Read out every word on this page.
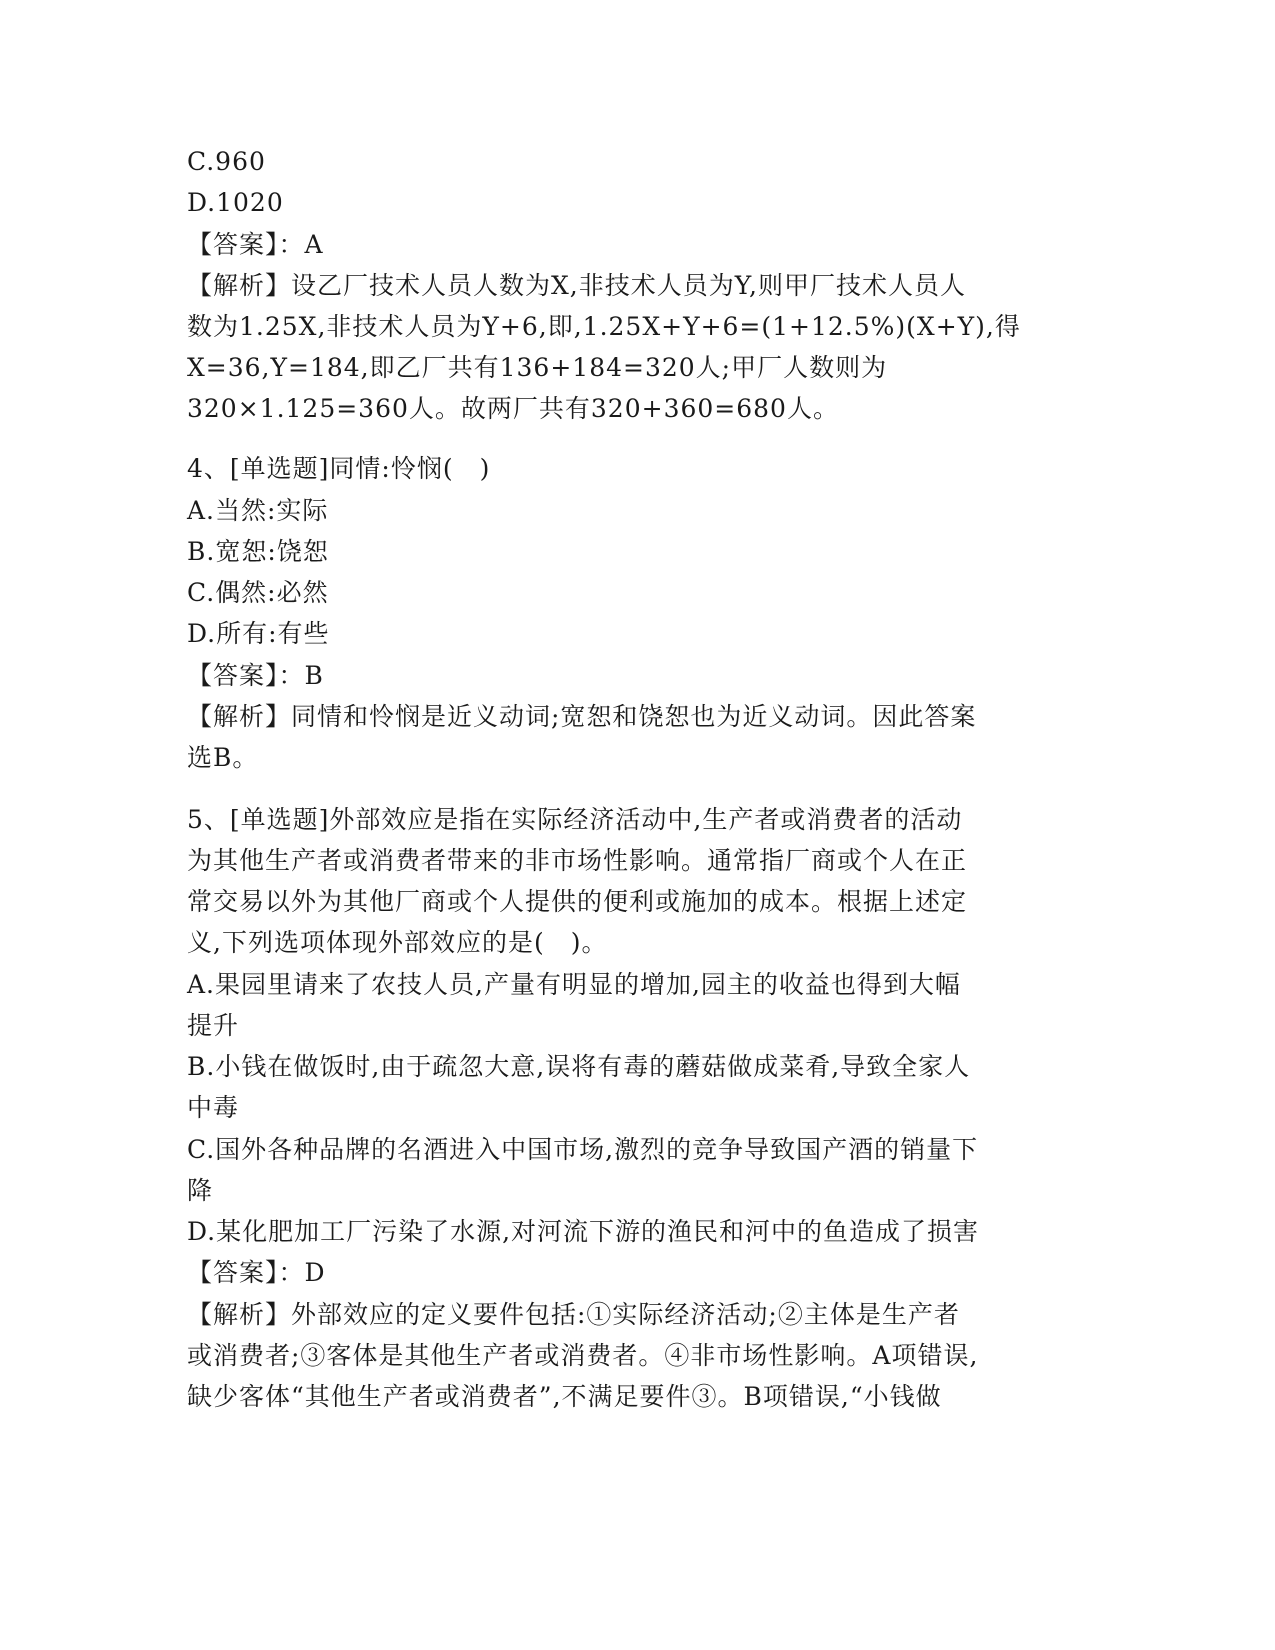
C.960
D.1020
【答案】：A
【解析】设乙厂技术人员人数为X,非技术人员为Y,则甲厂技术人员人
数为1.25X,非技术人员为Y+6,即,1.25X+Y+6=(1+12.5%)(X+Y),得
X=36,Y=184,即乙厂共有136+184=320人;甲厂人数则为
320×1.125=360人。故两厂共有320+360=680人。
4、[单选题]同情:怜悯(　)
A.当然:实际
B.宽恕:饶恕
C.偶然:必然
D.所有:有些
【答案】：B
【解析】同情和怜悯是近义动词;宽恕和饶恕也为近义动词。因此答案
选B。
5、[单选题]外部效应是指在实际经济活动中,生产者或消费者的活动
为其他生产者或消费者带来的非市场性影响。通常指厂商或个人在正
常交易以外为其他厂商或个人提供的便利或施加的成本。根据上述定
义,下列选项体现外部效应的是(　)。
A.果园里请来了农技人员,产量有明显的增加,园主的收益也得到大幅
提升
B.小钱在做饭时,由于疏忽大意,误将有毒的蘑菇做成菜肴,导致全家人
中毒
C.国外各种品牌的名酒进入中国市场,激烈的竞争导致国产酒的销量下
降
D.某化肥加工厂污染了水源,对河流下游的渔民和河中的鱼造成了损害
【答案】：D
【解析】外部效应的定义要件包括:①实际经济活动;②主体是生产者
或消费者;③客体是其他生产者或消费者。④非市场性影响。A项错误,
缺少客体“其他生产者或消费者”,不满足要件③。B项错误,“小钱做
